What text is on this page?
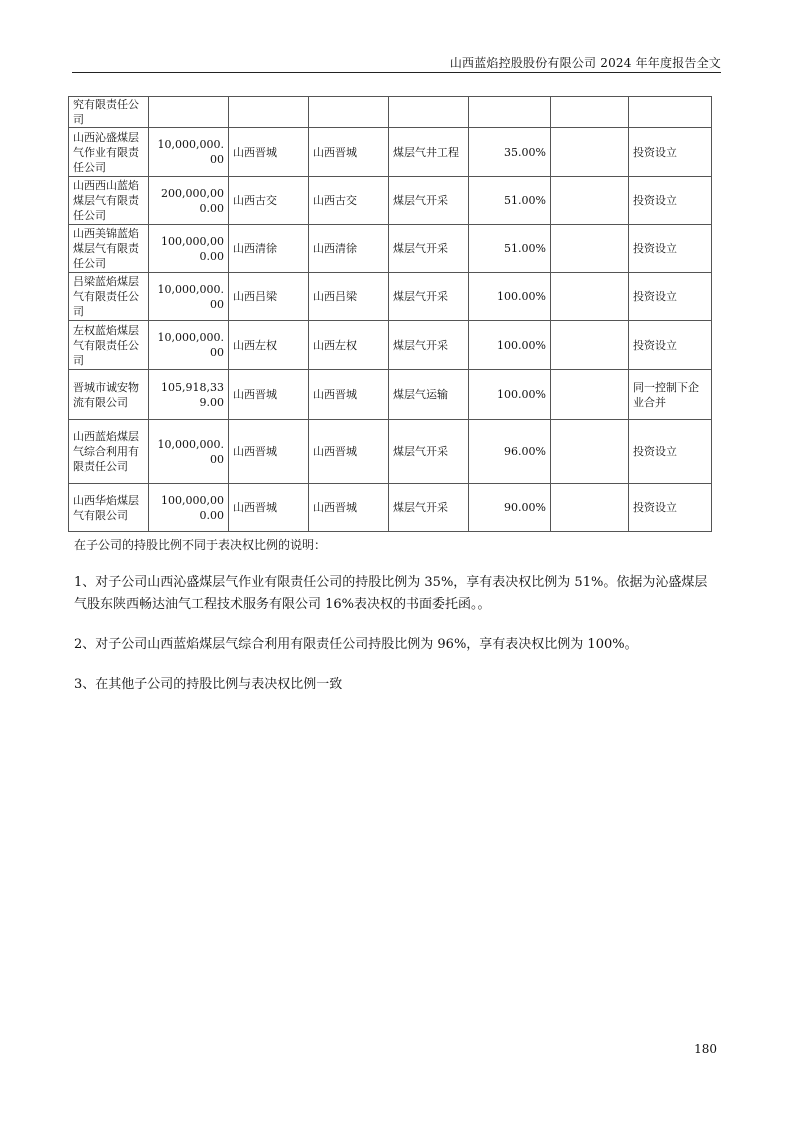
山西蓝焰控股股份有限公司 2024 年年度报告全文
究有限责任公司							
山西沁盛煤层气作业有限责任公司	10,000,000.00	山西晋城	山西晋城	煤层气井工程	35.00%		投资设立
山西西山蓝焰煤层气有限责任公司	200,000,000.00	山西古交	山西古交	煤层气开采	51.00%		投资设立
山西美锦蓝焰煤层气有限责任公司	100,000,000.00	山西清徐	山西清徐	煤层气开采	51.00%		投资设立
吕梁蓝焰煤层气有限责任公司	10,000,000.00	山西吕梁	山西吕梁	煤层气开采	100.00%		投资设立
左权蓝焰煤层气有限责任公司	10,000,000.00	山西左权	山西左权	煤层气开采	100.00%		投资设立
晋城市诚安物流有限公司	105,918,339.00	山西晋城	山西晋城	煤层气运输	100.00%		同一控制下企业合并
山西蓝焰煤层气综合利用有限责任公司	10,000,000.00	山西晋城	山西晋城	煤层气开采	96.00%		投资设立
山西华焰煤层气有限公司	100,000,000.00	山西晋城	山西晋城	煤层气开采	90.00%		投资设立
在子公司的持股比例不同于表决权比例的说明：
1、对子公司山西沁盛煤层气作业有限责任公司的持股比例为 35%，享有表决权比例为 51%。依据为沁盛煤层气股东陕西畅达油气工程技术服务有限公司 16%表决权的书面委托函。。
2、对子公司山西蓝焰煤层气综合利用有限责任公司持股比例为 96%，享有表决权比例为 100%。
3、在其他子公司的持股比例与表决权比例一致
180
